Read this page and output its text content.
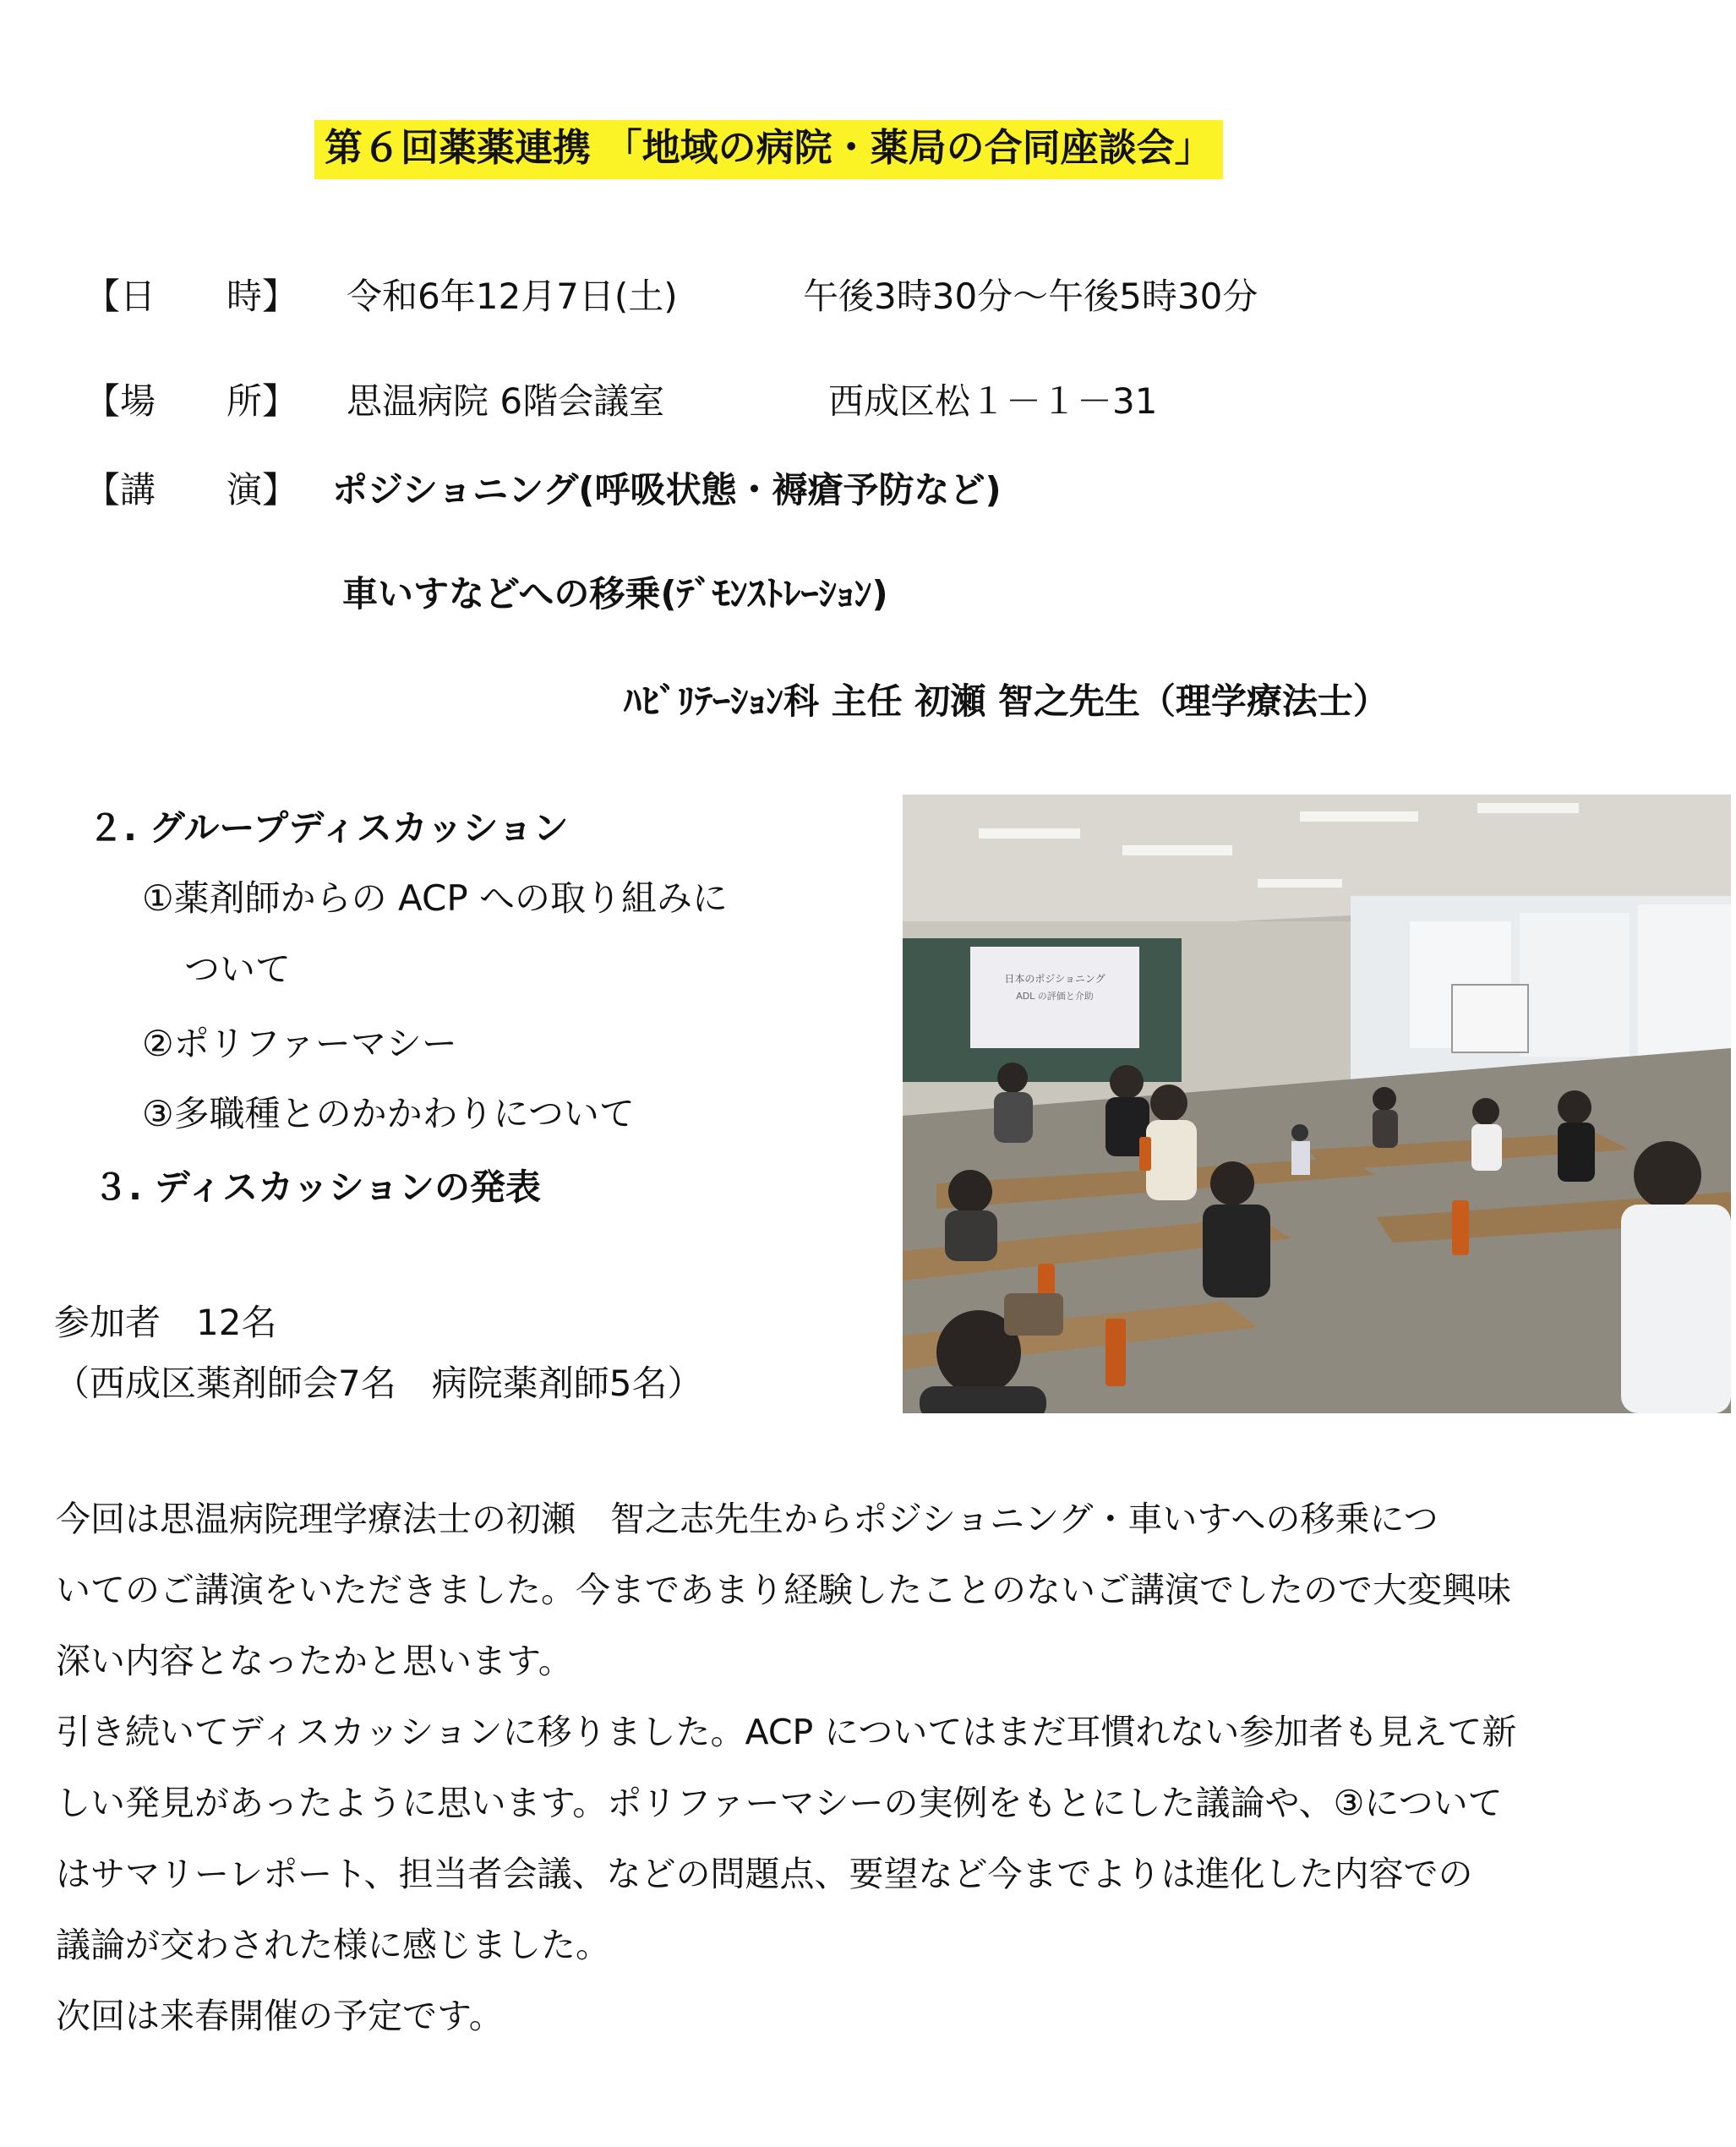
第６回薬薬連携 「地域の病院・薬局の合同座談会」
【日　　時】 令和6年12月7日(土)	午後3時30分～午後5時30分
【場　　所】 思温病院 6階会議室	西成区松１－１－31
【講　　演】 ポジショニング(呼吸状態・褥瘡予防など)
車いすなどへの移乗(ﾃﾞﾓﾝｽﾄﾚｰｼｮﾝ)
ﾊﾋﾞﾘﾃｰｼｮﾝ科 主任 初瀬 智之先生（理学療法士）
２. グループディスカッション
①薬剤師からの ACP への取り組みに
ついて
②ポリファーマシー
③多職種とのかかわりについて
３. ディスカッションの発表
参加者　12名
（西成区薬剤師会7名　病院薬剤師5名）
日本のポジショニング
ADL の評価と介助

今回は思温病院理学療法士の初瀬　智之志先生からポジショニング・車いすへの移乗につ

いてのご講演をいただきました。今まであまり経験したことのないご講演でしたので大変興味

深い内容となったかと思います。

引き続いてディスカッションに移りました。ACP についてはまだ耳慣れない参加者も見えて新

しい発見があったように思います。ポリファーマシーの実例をもとにした議論や、③について

はサマリーレポート、担当者会議、などの問題点、要望など今までよりは進化した内容での

議論が交わされた様に感じました。

次回は来春開催の予定です。
